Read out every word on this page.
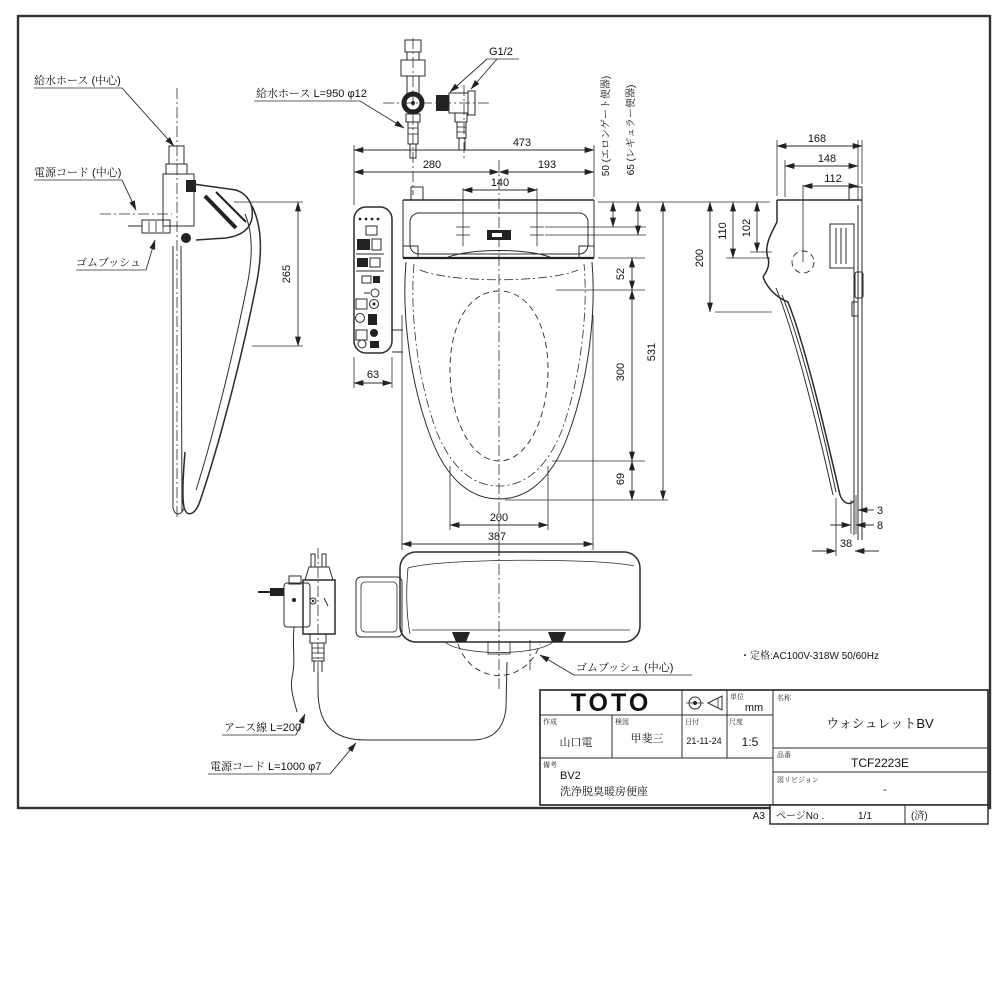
265
給水ホース (中心)
電源コード (中心)
ゴムブッシュ
給水ホース L=950 φ12
G1/2
63
473
280	193
140
50 (エロンゲート便器) 65 (レギュラー便器)
52
300
69
531
200
387
168
148
112
200
110 102
3
8
38
アース線 L=200
電源コード L=1000 φ7
ゴムブッシュ (中心)
・定格:AC100V-318W 50/60Hz
TOTO	単位
mm
作成
山口電
検図
甲斐三
日付
21-11-24
尺度
1:5
備考
BV2
洗浄脱臭暖房便座
名称
ウォシュレットBV
品番
TCF2223E
図リビジョン
-
A3 ページNo .	1/1	(済)
